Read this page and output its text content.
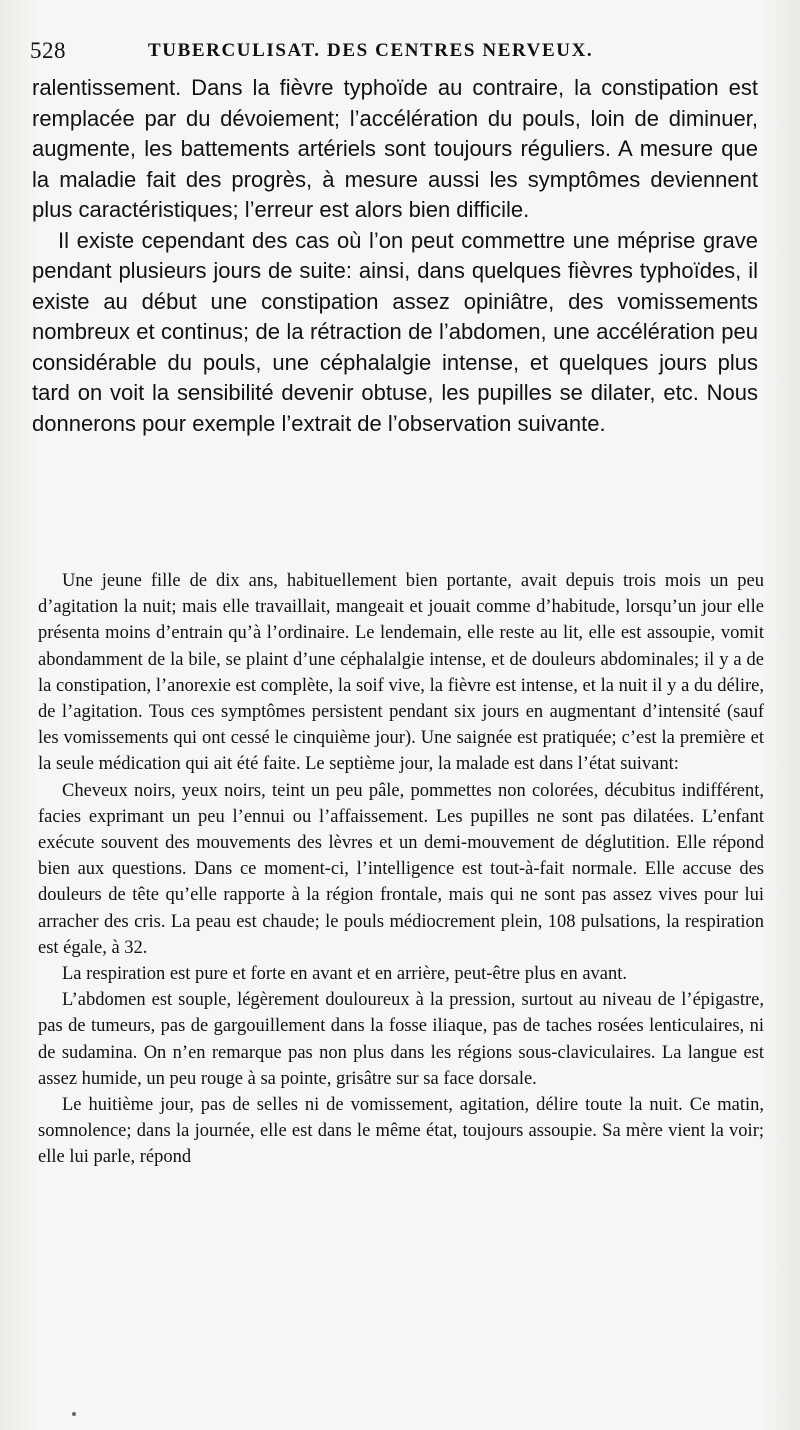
528	TUBERCULISAT. DES CENTRES NERVEUX.

ralentissement. Dans la fièvre typhoïde au contraire, la constipation est remplacée par du dévoiement; l’accélération du pouls, loin de diminuer, augmente, les battements artériels sont toujours réguliers. A mesure que la maladie fait des progrès, à mesure aussi les symptômes deviennent plus caractéristiques; l’erreur est alors bien difficile.

Il existe cependant des cas où l’on peut commettre une méprise grave pendant plusieurs jours de suite: ainsi, dans quelques fièvres typhoïdes, il existe au début une constipation assez opiniâtre, des vomissements nombreux et continus; de la rétraction de l’abdomen, une accélération peu considérable du pouls, une céphalalgie intense, et quelques jours plus tard on voit la sensibilité devenir obtuse, les pupilles se dilater, etc. Nous donnerons pour exemple l’extrait de l’observation suivante.

Une jeune fille de dix ans, habituellement bien portante, avait depuis trois mois un peu d’agitation la nuit; mais elle travaillait, mangeait et jouait comme d’habitude, lorsqu’un jour elle présenta moins d’entrain qu’à l’ordinaire. Le lendemain, elle reste au lit, elle est assoupie, vomit abondamment de la bile, se plaint d’une céphalalgie intense, et de douleurs abdominales; il y a de la constipation, l’anorexie est complète, la soif vive, la fièvre est intense, et la nuit il y a du délire, de l’agitation. Tous ces symptômes persistent pendant six jours en augmentant d’intensité (sauf les vomissements qui ont cessé le cinquième jour). Une saignée est pratiquée; c’est la première et la seule médication qui ait été faite. Le septième jour, la malade est dans l’état suivant:

Cheveux noirs, yeux noirs, teint un peu pâle, pommettes non colorées, décubitus indifférent, facies exprimant un peu l’ennui ou l’affaissement. Les pupilles ne sont pas dilatées. L’enfant exécute souvent des mouvements des lèvres et un demi-mouvement de déglutition. Elle répond bien aux questions. Dans ce moment-ci, l’intelligence est tout-à-fait normale. Elle accuse des douleurs de tête qu’elle rapporte à la région frontale, mais qui ne sont pas assez vives pour lui arracher des cris. La peau est chaude; le pouls médiocrement plein, 108 pulsations, la respiration est égale, à 32.

La respiration est pure et forte en avant et en arrière, peut-être plus en avant.

L’abdomen est souple, légèrement douloureux à la pression, surtout au niveau de l’épigastre, pas de tumeurs, pas de gargouillement dans la fosse iliaque, pas de taches rosées lenticulaires, ni de sudamina. On n’en remarque pas non plus dans les régions sous-claviculaires. La langue est assez humide, un peu rouge à sa pointe, grisâtre sur sa face dorsale.

Le huitième jour, pas de selles ni de vomissement, agitation, délire toute la nuit. Ce matin, somnolence; dans la journée, elle est dans le même état, toujours assoupie. Sa mère vient la voir; elle lui parle, répond
